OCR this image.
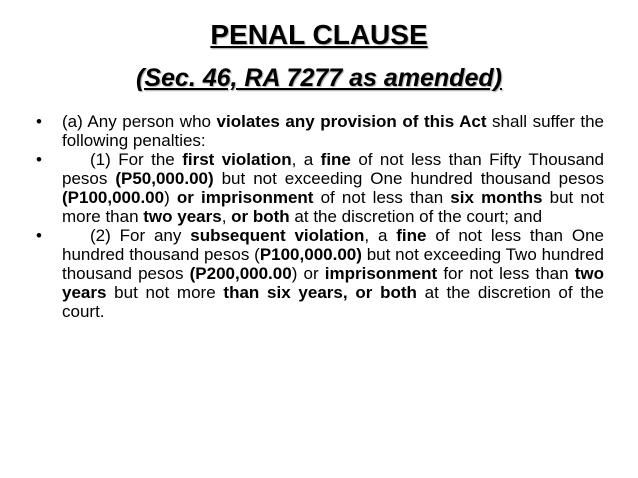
PENAL CLAUSE
(Sec. 46, RA 7277 as amended)
• (a) Any person who violates any provision of this Act shall suffer the following penalties:
•	(1) For the first violation, a fine of not less than Fifty Thousand pesos (P50,000.00) but not exceeding One hundred thousand pesos (P100,000.00) or imprisonment of not less than six months but not more than two years, or both at the discretion of the court; and
•	(2) For any subsequent violation, a fine of not less than One hundred thousand pesos (P100,000.00) but not exceeding Two hundred thousand pesos (P200,000.00) or imprisonment for not less than two years but not more than six years, or both at the discretion of the court.
